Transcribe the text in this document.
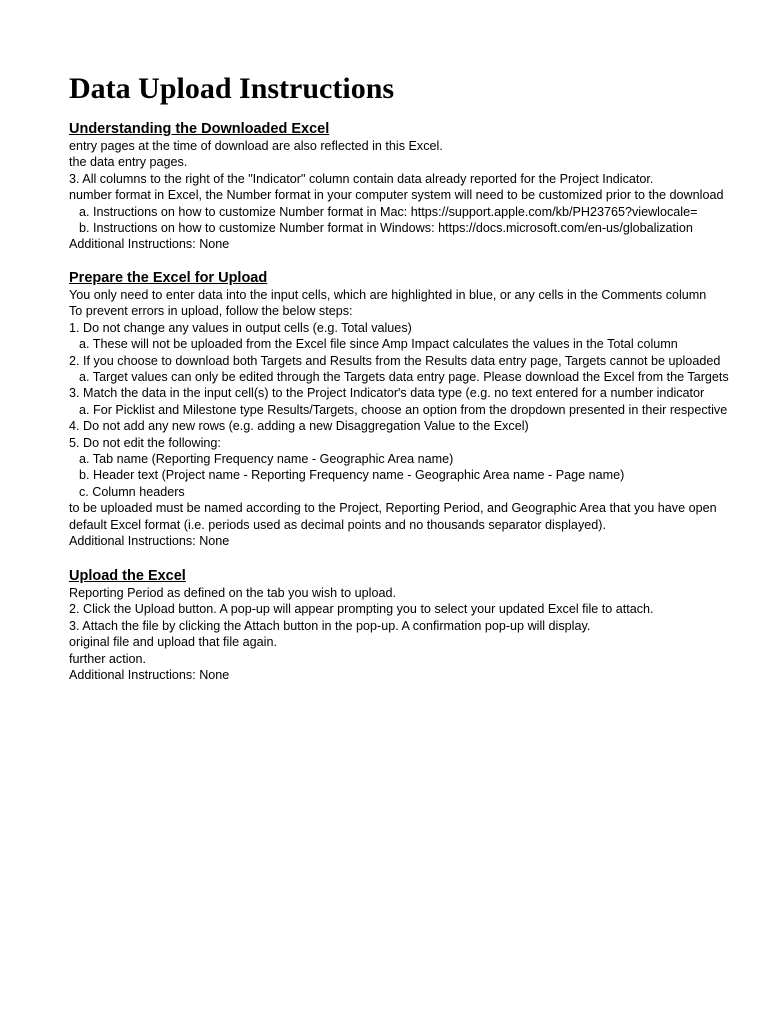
Data Upload Instructions
Understanding the Downloaded Excel

entry pages at the time of download are also reflected in this Excel.

the data entry pages.

3. All columns to the right of the "Indicator" column contain data already reported for the Project Indicator.

number format in Excel, the Number format in your computer system will need to be customized prior to the download

a. Instructions on how to customize Number format in Mac: https://support.apple.com/kb/PH23765?viewlocale=

b. Instructions on how to customize Number format in Windows: https://docs.microsoft.com/en-us/globalization

Additional Instructions: None

Prepare the Excel for Upload

You only need to enter data into the input cells, which are highlighted in blue, or any cells in the Comments column

To prevent errors in upload, follow the below steps:

1. Do not change any values in output cells (e.g. Total values)

a. These will not be uploaded from the Excel file since Amp Impact calculates the values in the Total column

2. If you choose to download both Targets and Results from the Results data entry page, Targets cannot be uploaded

a. Target values can only be edited through the Targets data entry page. Please download the Excel from the Targets

3. Match the data in the input cell(s) to the Project Indicator's data type (e.g. no text entered for a number indicator

a. For Picklist and Milestone type Results/Targets, choose an option from the dropdown presented in their respective

4. Do not add any new rows (e.g. adding a new Disaggregation Value to the Excel)

5. Do not edit the following:

a. Tab name (Reporting Frequency name - Geographic Area name)

b. Header text (Project name - Reporting Frequency name - Geographic Area name - Page name)

c. Column headers

to be uploaded must be named according to the Project, Reporting Period, and Geographic Area that you have open

default Excel format (i.e. periods used as decimal points and no thousands separator displayed).

Additional Instructions: None

Upload the Excel

Reporting Period as defined on the tab you wish to upload.

2. Click the Upload button. A pop-up will appear prompting you to select your updated Excel file to attach.

3. Attach the file by clicking the Attach button in the pop-up. A confirmation pop-up will display.

original file and upload that file again.

further action.

Additional Instructions: None
